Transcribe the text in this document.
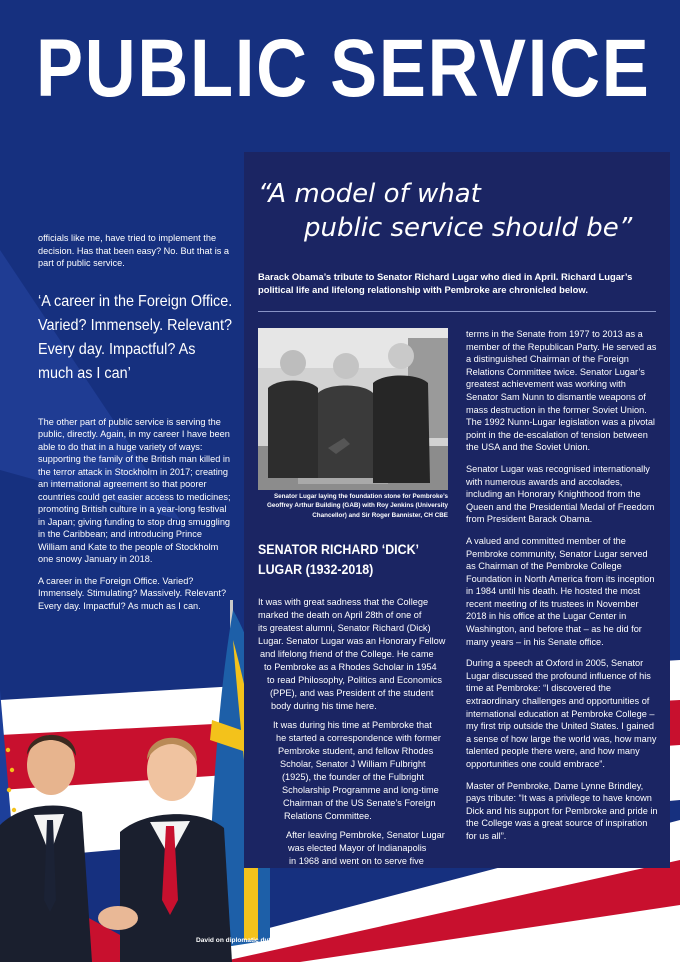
PUBLIC SERVICE

officials like me, have tried to implement the decision. Has that been easy? No. But that is a part of public service.

‘A career in the Foreign Office. Varied? Immensely. Relevant? Every day. Impactful? As much as I can’

The other part of public service is serving the public, directly. Again, in my career I have been able to do that in a huge variety of ways: supporting the family of the British man killed in the terror attack in Stockholm in 2017; creating an international agreement so that poorer countries could get easier access to medicines; promoting British culture in a year-long festival in Japan; giving funding to stop drug smuggling in the Caribbean; and introducing Prince William and Kate to the people of Stockholm one snowy January in 2018.

A career in the Foreign Office. Varied? Immensely. Stimulating? Massively. Relevant? Every day. Impactful? As much as I can.

“A model of what
public service should be”

Barack Obama’s tribute to Senator Richard Lugar who died in April. Richard Lugar’s political life and lifelong relationship with Pembroke are chronicled below.

Senator Lugar laying the foundation stone for Pembroke’s Geoffrey Arthur Building (GAB) with Roy Jenkins (University Chancellor) and Sir Roger Bannister, CH CBE

SENATOR RICHARD ‘DICK’ LUGAR (1932-2018)

It was with great sadness that the College

marked the death on April 28th of one of

its greatest alumni, Senator Richard (Dick)

Lugar. Senator Lugar was an Honorary Fellow

and lifelong friend of the College. He came

to Pembroke as a Rhodes Scholar in 1954

to read Philosophy, Politics and Economics

(PPE), and was President of the student

body during his time here.

It was during his time at Pembroke that

he started a correspondence with former

Pembroke student, and fellow Rhodes

Scholar, Senator J William Fulbright

(1925), the founder of the Fulbright

Scholarship Programme and long-time

Chairman of the US Senate’s Foreign

Relations Committee.

After leaving Pembroke, Senator Lugar

was elected Mayor of Indianapolis

in 1968 and went on to serve five

terms in the Senate from 1977 to 2013 as a member of the Republican Party. He served as a distinguished Chairman of the Foreign Relations Committee twice. Senator Lugar’s greatest achievement was working with Senator Sam Nunn to dismantle weapons of mass destruction in the former Soviet Union. The 1992 Nunn-Lugar legislation was a pivotal point in the de-escalation of tension between the USA and the Soviet Union.

Senator Lugar was recognised internationally with numerous awards and accolades, including an Honorary Knighthood from the Queen and the Presidential Medal of Freedom from President Barack Obama.

A valued and committed member of the Pembroke community, Senator Lugar served as Chairman of the Pembroke College Foundation in North America from its inception in 1984 until his death. He hosted the most recent meeting of its trustees in November 2018 in his office at the Lugar Center in Washington, and before that – as he did for many years – in his Senate office.

During a speech at Oxford in 2005, Senator Lugar discussed the profound influence of his time at Pembroke: “I discovered the extraordinary challenges and opportunities of international education at Pembroke College – my first trip outside the United States. I gained a sense of how large the world was, how many talented people there were, and how many opportunities one could embrace”.

Master of Pembroke, Dame Lynne Brindley, pays tribute: “It was a privilege to have known Dick and his support for Pembroke and pride in the College was a great source of inspiration for us all”.

David on diplomatic duty	THE PEMBROKIAN 5
